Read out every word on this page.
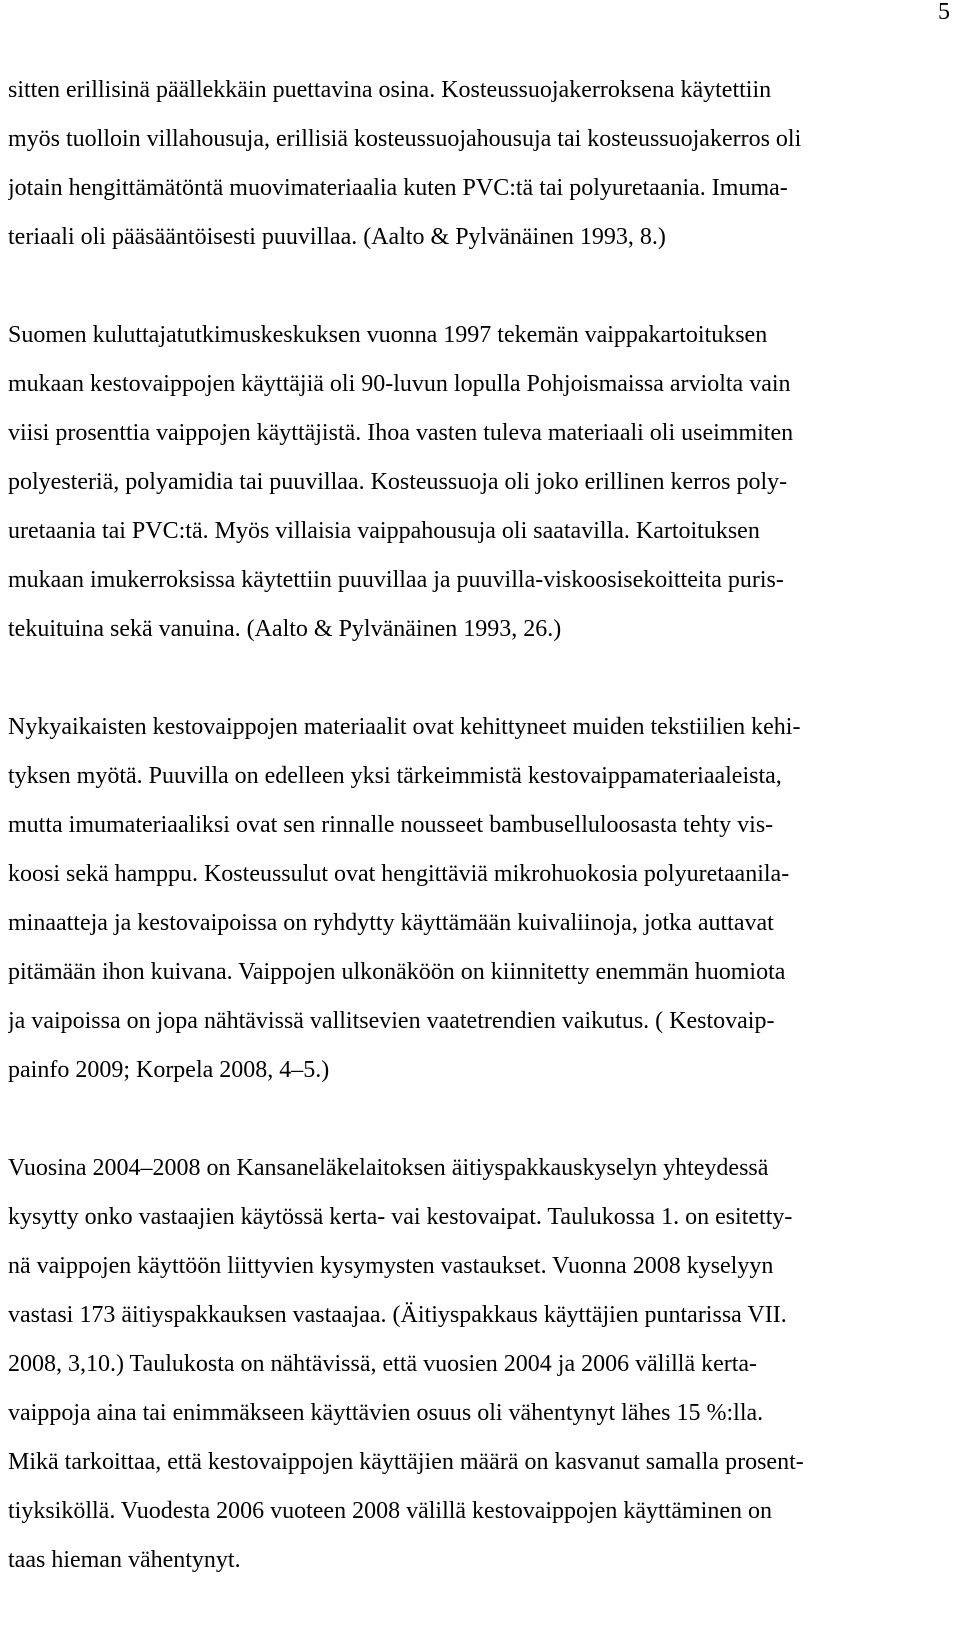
5
sitten erillisinä päällekkäin puettavina osina. Kosteussuojakerroksena käytettiin
myös tuolloin villahousuja, erillisiä kosteussuojahousuja tai kosteussuojakerros oli
jotain hengittämätöntä muovimateriaalia kuten PVC:tä tai polyuretaania. Imuma-
teriaali oli pääsääntöisesti puuvillaa. (Aalto & Pylvänäinen 1993, 8.)
Suomen kuluttajatutkimuskeskuksen vuonna 1997 tekemän vaippakartoituksen
mukaan kestovaippojen käyttäjiä oli 90-luvun lopulla Pohjoismaissa arviolta vain
viisi prosenttia vaippojen käyttäjistä. Ihoa vasten tuleva materiaali oli useimmiten
polyesteriä, polyamidia tai puuvillaa. Kosteussuoja oli joko erillinen kerros poly-
uretaania tai PVC:tä. Myös villaisia vaippahousuja oli saatavilla. Kartoituksen
mukaan imukerroksissa käytettiin puuvillaa ja puuvilla-viskoosisekoitteita puris-
tekuituina sekä vanuina. (Aalto & Pylvänäinen 1993, 26.)
Nykyaikaisten kestovaippojen materiaalit ovat kehittyneet muiden tekstiilien kehi-
tyksen myötä. Puuvilla on edelleen yksi tärkeimmistä kestovaippamateriaaleista,
mutta imumateriaaliksi ovat sen rinnalle nousseet bambuselluloosasta tehty vis-
koosi sekä hamppu. Kosteussulut ovat hengittäviä mikrohuokosia polyuretaanila-
minaatteja ja kestovaipoissa on ryhdytty käyttämään kuivaliinoja, jotka auttavat
pitämään ihon kuivana. Vaippojen ulkonäköön on kiinnitetty enemmän huomiota
ja vaipoissa on jopa nähtävissä vallitsevien vaatetrendien vaikutus. ( Kestovaip-
painfo 2009; Korpela 2008, 4–5.)
Vuosina 2004–2008 on Kansaneläkelaitoksen äitiyspakkauskyselyn yhteydessä
kysytty onko vastaajien käytössä kerta- vai kestovaipat. Taulukossa 1. on esitetty-
nä vaippojen käyttöön liittyvien kysymysten vastaukset. Vuonna 2008 kyselyyn
vastasi 173 äitiyspakkauksen vastaajaa. (Äitiyspakkaus käyttäjien puntarissa VII.
2008, 3,10.) Taulukosta on nähtävissä, että vuosien 2004 ja 2006 välillä kerta-
vaippoja aina tai enimmäkseen käyttävien osuus oli vähentynyt lähes 15 %:lla.
Mikä tarkoittaa, että kestovaippojen käyttäjien määrä on kasvanut samalla prosent-
tiyksiköllä. Vuodesta 2006 vuoteen 2008 välillä kestovaippojen käyttäminen on
taas hieman vähentynyt.
